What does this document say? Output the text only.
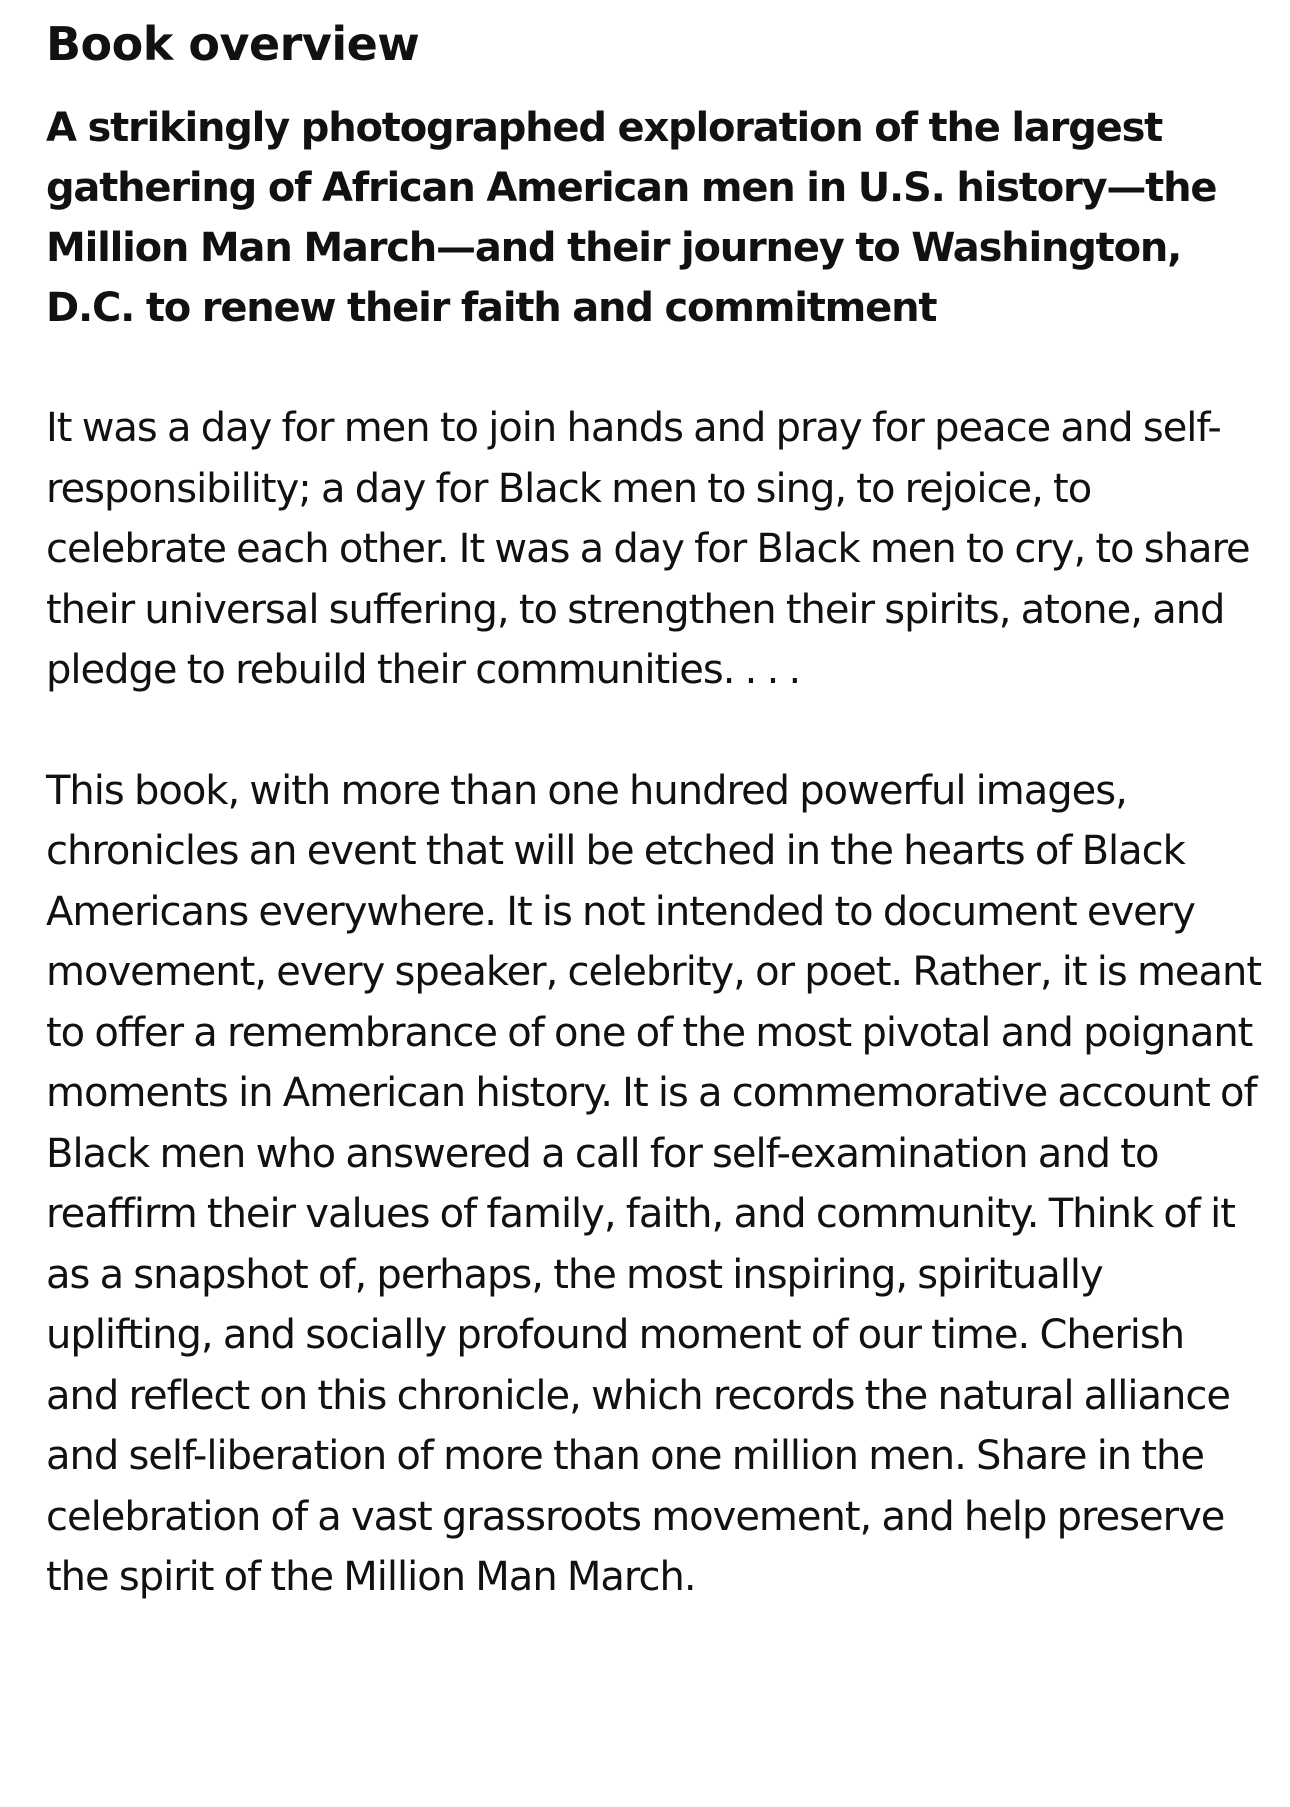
Book overview

A strikingly photographed exploration of the largest gathering of African American men in U.S. history—the Million Man March—and their journey to Washington, D.C. to renew their faith and commitment

It was a day for men to join hands and pray for peace and self-responsibility; a day for Black men to sing, to rejoice, to celebrate each other. It was a day for Black men to cry, to share their universal suffering, to strengthen their spirits, atone, and pledge to rebuild their communities. . . .

This book, with more than one hundred powerful images, chronicles an event that will be etched in the hearts of Black Americans everywhere. It is not intended to document every movement, every speaker, celebrity, or poet. Rather, it is meant to offer a remembrance of one of the most pivotal and poignant moments in American history. It is a commemorative account of Black men who answered a call for self-examination and to reaffirm their values of family, faith, and community. Think of it as a snapshot of, perhaps, the most inspiring, spiritually uplifting, and socially profound moment of our time. Cherish and reflect on this chronicle, which records the natural alliance and self-liberation of more than one million men. Share in the celebration of a vast grassroots movement, and help preserve the spirit of the Million Man March.
